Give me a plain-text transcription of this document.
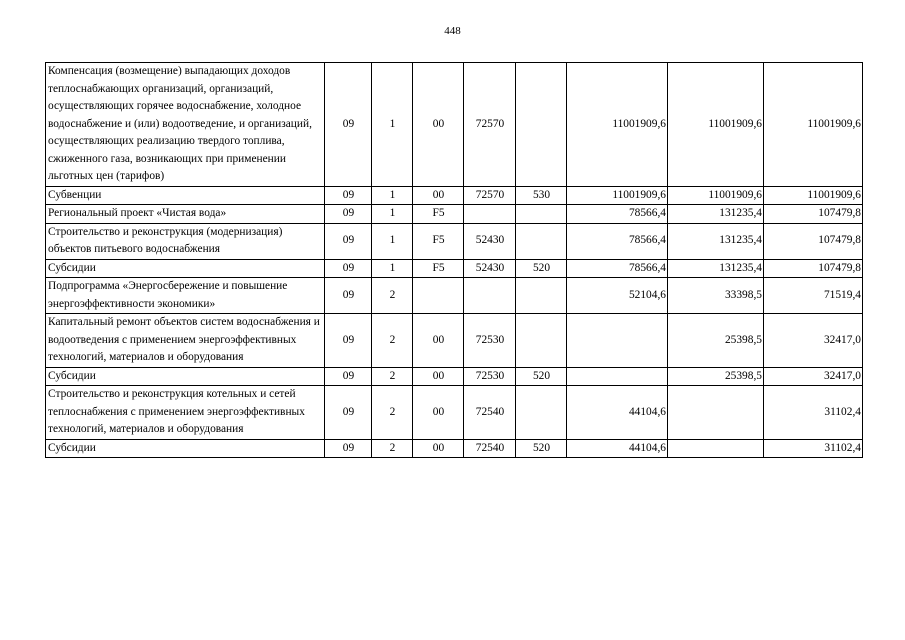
448
Компенсация (возмещение) выпадающих доходов теплоснабжающих организаций, организаций, осуществляющих горячее водоснабжение, холодное водоснабжение и (или) водоотведение, и организаций, осуществляющих реализацию твердого топлива, сжиженного газа, возникающих при применении льготных цен (тарифов)	09	1	00	72570		11001909,6	11001909,6	11001909,6
Субвенции	09	1	00	72570	530	11001909,6	11001909,6	11001909,6
Региональный проект «Чистая вода»	09	1	F5			78566,4	131235,4	107479,8
Строительство и реконструкция (модернизация) объектов питьевого водоснабжения	09	1	F5	52430		78566,4	131235,4	107479,8
Субсидии	09	1	F5	52430	520	78566,4	131235,4	107479,8
Подпрограмма «Энергосбережение и повышение энергоэффективности экономики»	09	2				52104,6	33398,5	71519,4
Капитальный ремонт объектов систем водоснабжения и водоотведения с применением энергоэффективных технологий, материалов и оборудования	09	2	00	72530			25398,5	32417,0
Субсидии	09	2	00	72530	520		25398,5	32417,0
Строительство и реконструкция котельных и сетей теплоснабжения с применением энергоэффективных технологий, материалов и оборудования	09	2	00	72540		44104,6		31102,4
Субсидии	09	2	00	72540	520	44104,6		31102,4
